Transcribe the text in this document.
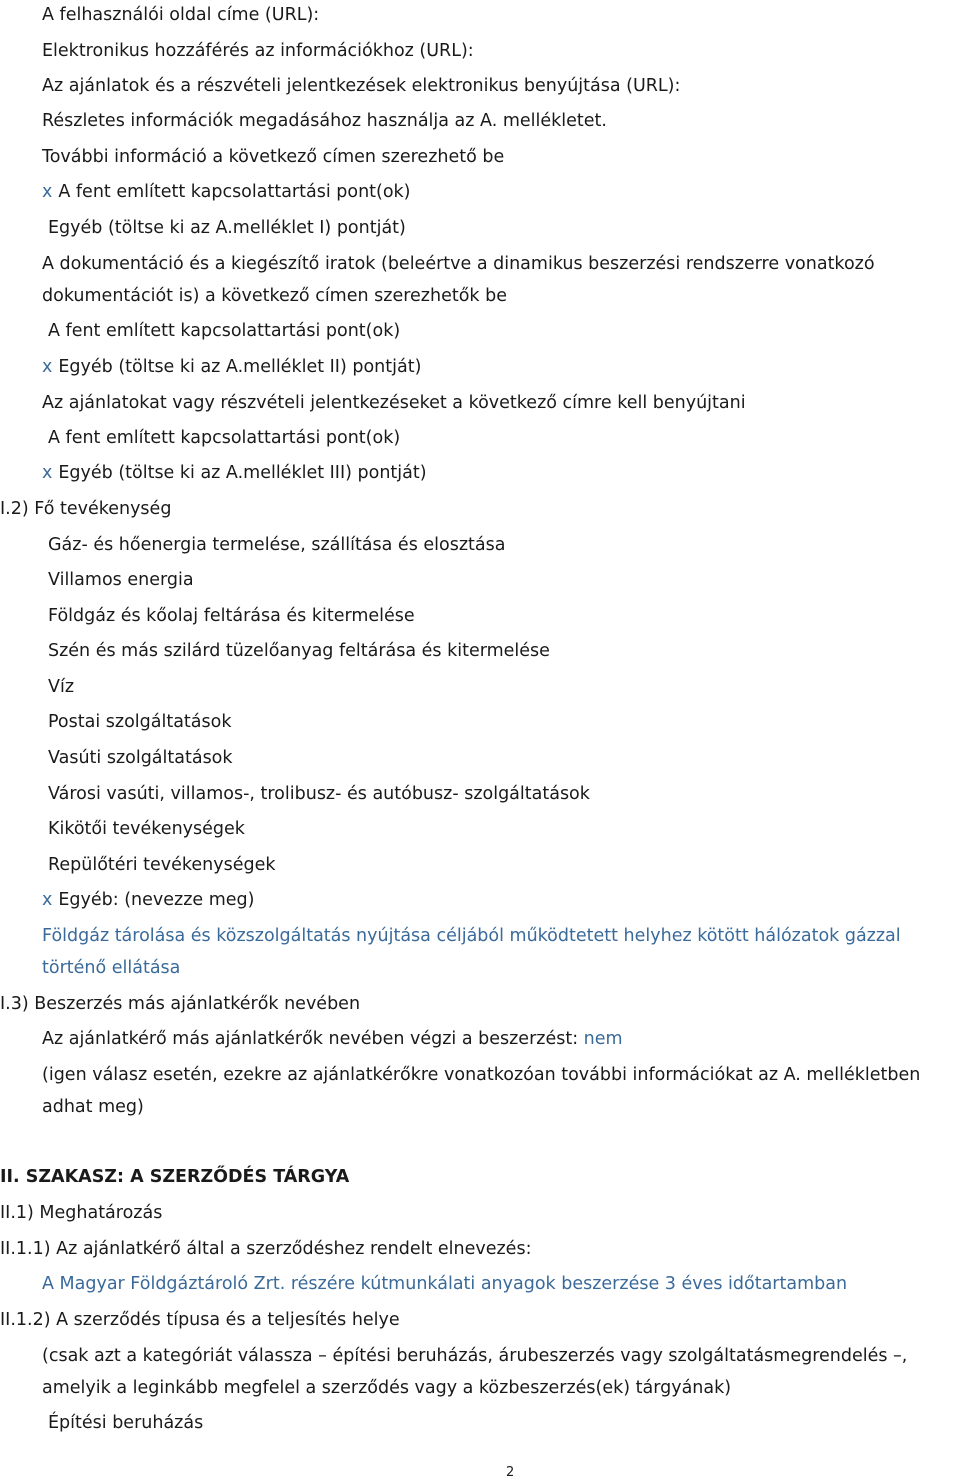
A felhasználói oldal címe (URL):
Elektronikus hozzáférés az információkhoz (URL):
Az ajánlatok és a részvételi jelentkezések elektronikus benyújtása (URL):
Részletes információk megadásához használja az A. mellékletet.
További információ a következő címen szerezhető be
x A fent említett kapcsolattartási pont(ok)
Egyéb (töltse ki az A.melléklet I) pontját)
A dokumentáció és a kiegészítő iratok (beleértve a dinamikus beszerzési rendszerre vonatkozó
dokumentációt is) a következő címen szerezhetők be
A fent említett kapcsolattartási pont(ok)
x Egyéb (töltse ki az A.melléklet II) pontját)
Az ajánlatokat vagy részvételi jelentkezéseket a következő címre kell benyújtani
A fent említett kapcsolattartási pont(ok)
x Egyéb (töltse ki az A.melléklet III) pontját)
I.2) Fő tevékenység
Gáz- és hőenergia termelése, szállítása és elosztása
Villamos energia
Földgáz és kőolaj feltárása és kitermelése
Szén és más szilárd tüzelőanyag feltárása és kitermelése
Víz
Postai szolgáltatások
Vasúti szolgáltatások
Városi vasúti, villamos-, trolibusz- és autóbusz- szolgáltatások
Kikötői tevékenységek
Repülőtéri tevékenységek
x Egyéb: (nevezze meg)
Földgáz tárolása és közszolgáltatás nyújtása céljából működtetett helyhez kötött hálózatok gázzal
történő ellátása
I.3) Beszerzés más ajánlatkérők nevében
Az ajánlatkérő más ajánlatkérők nevében végzi a beszerzést: nem
(igen válasz esetén, ezekre az ajánlatkérőkre vonatkozóan további információkat az A. mellékletben
adhat meg)
II. SZAKASZ: A SZERZŐDÉS TÁRGYA
II.1) Meghatározás
II.1.1) Az ajánlatkérő által a szerződéshez rendelt elnevezés:
A Magyar Földgáztároló Zrt. részére kútmunkálati anyagok beszerzése 3 éves időtartamban
II.1.2) A szerződés típusa és a teljesítés helye
(csak azt a kategóriát válassza – építési beruházás, árubeszerzés vagy szolgáltatásmegrendelés –,
amelyik a leginkább megfelel a szerződés vagy a közbeszerzés(ek) tárgyának)
Építési beruházás
2
